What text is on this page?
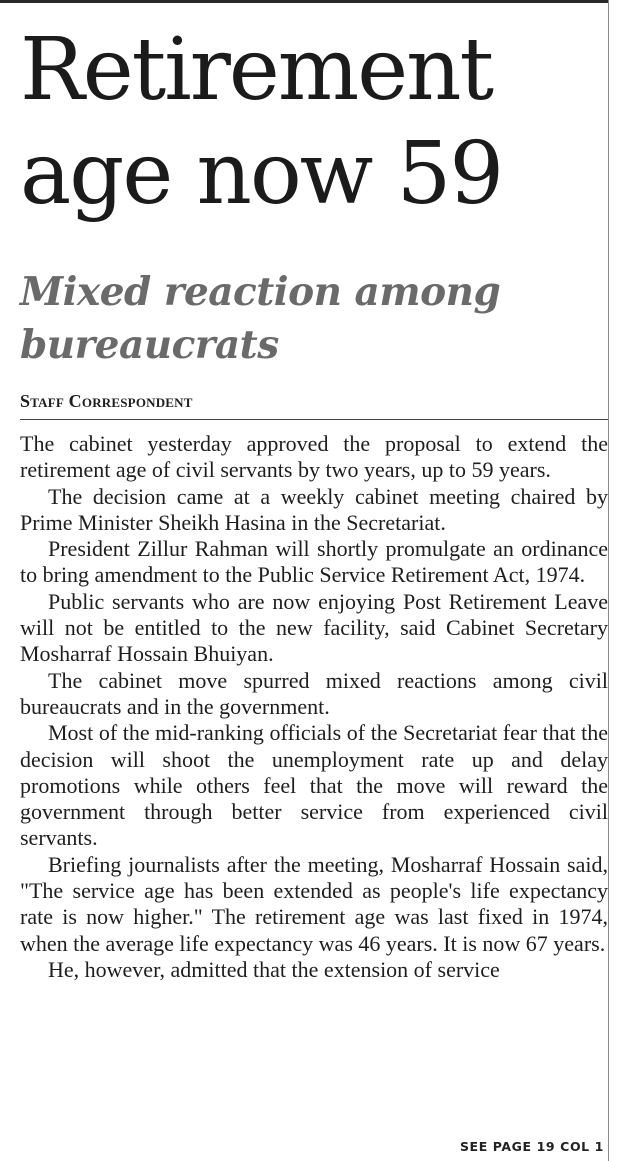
Retirement
age now 59
Mixed reaction among
bureaucrats
Staff Correspondent

The cabinet yesterday approved the proposal to extend the retirement age of civil servants by two years, up to 59 years.

The decision came at a weekly cabinet meeting chaired by Prime Minister Sheikh Hasina in the Secretariat.

President Zillur Rahman will shortly promulgate an ordinance to bring amendment to the Public Service Retirement Act, 1974.

Public servants who are now enjoying Post Retirement Leave will not be entitled to the new facility, said Cabinet Secretary Mosharraf Hossain Bhuiyan.

The cabinet move spurred mixed reactions among civil bureaucrats and in the government.

Most of the mid-ranking officials of the Secretariat fear that the decision will shoot the unemployment rate up and delay promotions while others feel that the move will reward the government through better service from experienced civil servants.

Briefing journalists after the meeting, Mosharraf Hossain said, "The service age has been extended as people's life expectancy rate is now higher." The retirement age was last fixed in 1974, when the average life expectancy was 46 years. It is now 67 years.

He, however, admitted that the extension of service

SEE PAGE 19 COL 1
